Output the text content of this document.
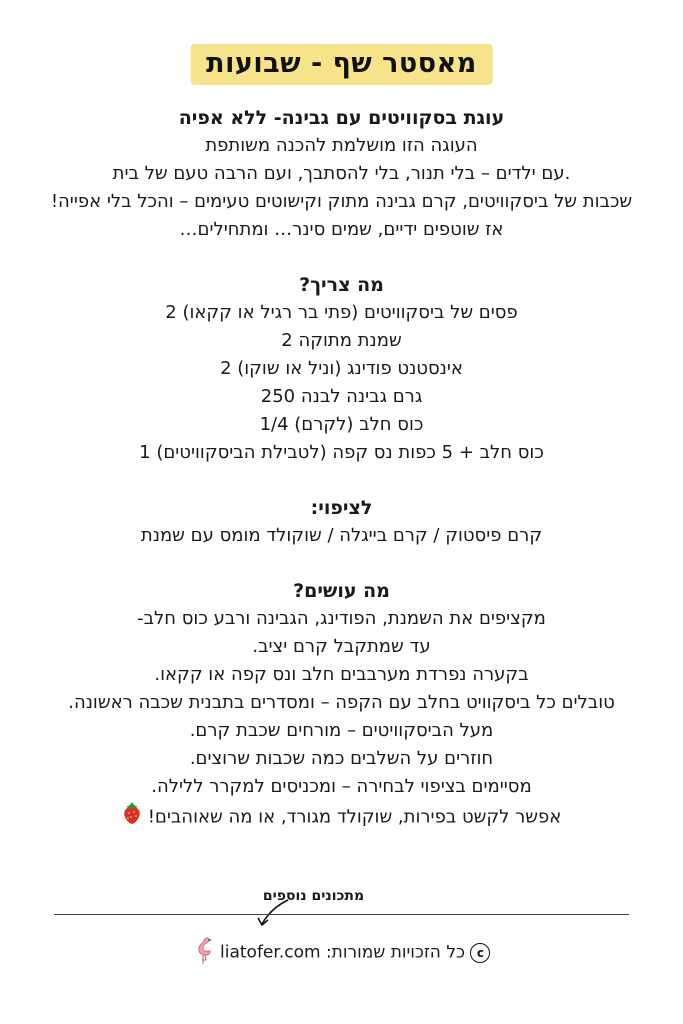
מאסטר שף - שבועות

עוגת בסקוויטים עם גבינה- ללא אפיה

העוגה הזו מושלמת להכנה משותפת

.עם ילדים – בלי תנור, בלי להסתבך, ועם הרבה טעם של בית

שכבות של ביסקוויטים, קרם גבינה מתוק וקישוטים טעימים – והכל בלי אפייה!

אז שוטפים ידיים, שמים סינר… ומתחילים…

מה צריך?

פסים של ביסקוויטים (פתי בר רגיל או קקאו) 2

שמנת מתוקה 2

אינסטנט פודינג (וניל או שוקו) 2

גרם גבינה לבנה 250

כוס חלב (לקרם) 1/4

כוס חלב + 5 כפות נס קפה (לטבילת הביסקוויטים) 1

לציפוי:

קרם פיסטוק / קרם בייגלה / שוקולד מומס עם שמנת

מה עושים?

מקציפים את השמנת, הפודינג, הגבינה ורבע כוס חלב-

עד שמתקבל קרם יציב.

בקערה נפרדת מערבבים חלב ונס קפה או קקאו.

טובלים כל ביסקוויט בחלב עם הקפה – ומסדרים בתבנית שכבה ראשונה.

מעל הביסקוויטים – מורחים שכבת קרם.

חוזרים על השלבים כמה שכבות שרוצים.

מסיימים בציפוי לבחירה – ומכניסים למקרר ללילה.

אפשר לקשט בפירות, שוקולד מגורד, או מה שאוהבים!

מתכונים נוספים
c כל הזכויות שמורות: liatofer.com
